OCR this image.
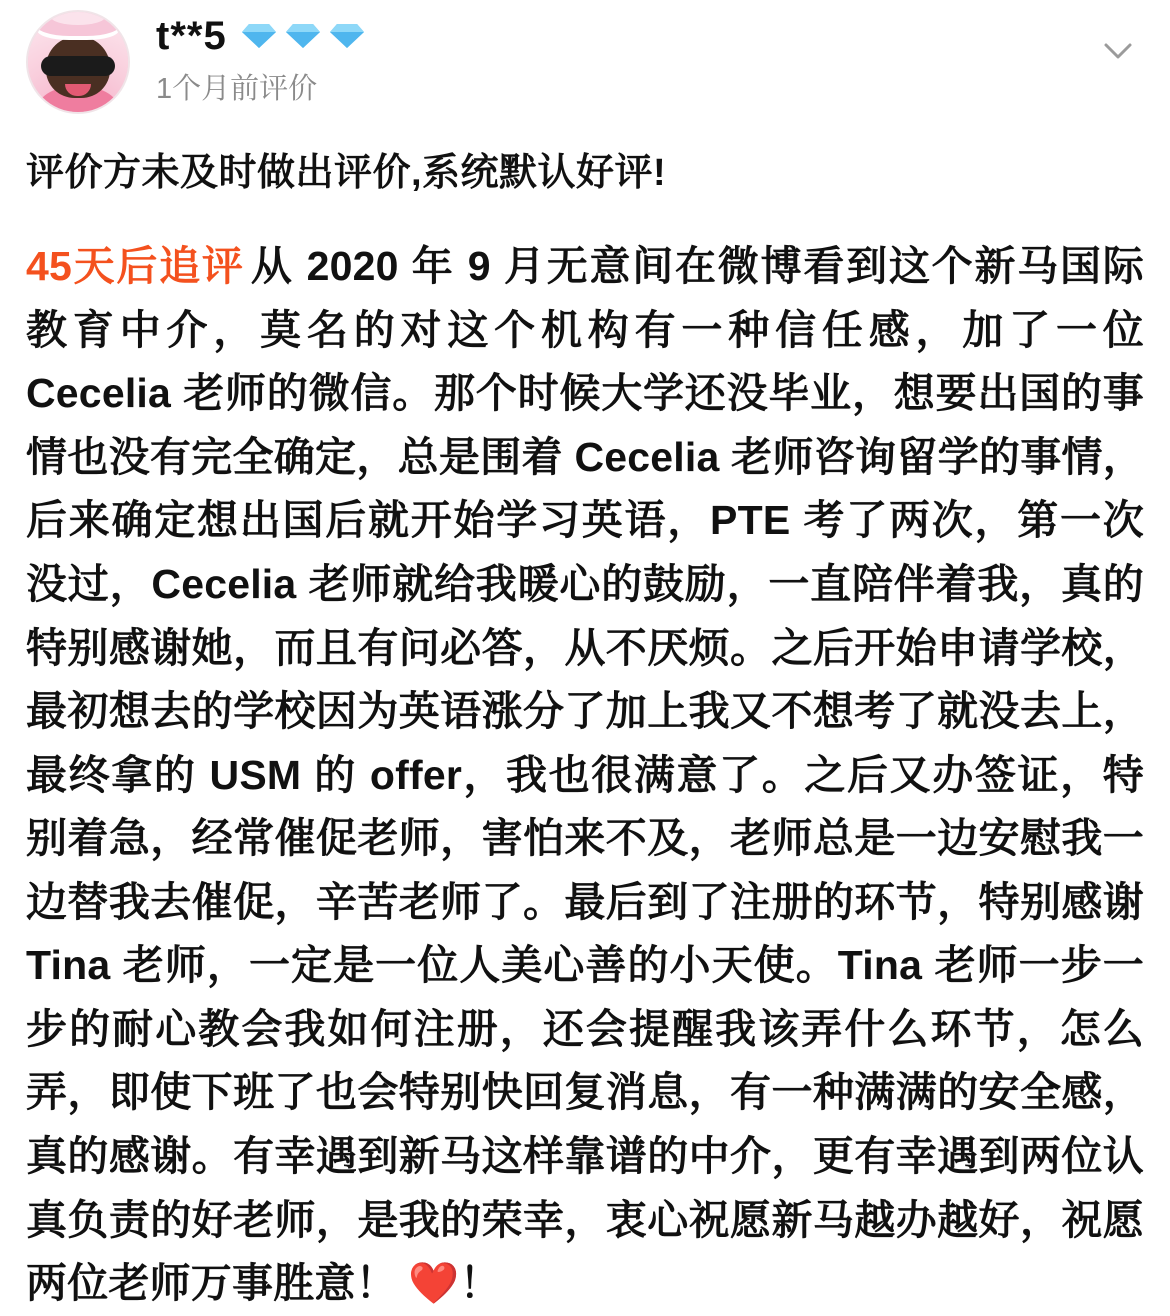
t**5
1个月前评价
评价方未及时做出评价,系统默认好评!
45天后追评 从 2020 年 9 月无意间在微博看到这个新马国际教育中介，莫名的对这个机构有一种信任感，加了一位 Cecelia 老师的微信。那个时候大学还没毕业，想要出国的事情也没有完全确定，总是围着 Cecelia 老师咨询留学的事情，后来确定想出国后就开始学习英语，PTE 考了两次，第一次没过，Cecelia 老师就给我暖心的鼓励，一直陪伴着我，真的特别感谢她，而且有问必答，从不厌烦。之后开始申请学校，最初想去的学校因为英语涨分了加上我又不想考了就没去上，最终拿的 USM 的 offer，我也很满意了。之后又办签证，特别着急，经常催促老师，害怕来不及，老师总是一边安慰我一边替我去催促，辛苦老师了。最后到了注册的环节，特别感谢 Tina 老师，一定是一位人美心善的小天使。Tina 老师一步一步的耐心教会我如何注册，还会提醒我该弄什么环节，怎么弄，即使下班了也会特别快回复消息，有一种满满的安全感，真的感谢。有幸遇到新马这样靠谱的中介，更有幸遇到两位认真负责的好老师，是我的荣幸，衷心祝愿新马越办越好，祝愿两位老师万事胜意！ ❤️！
